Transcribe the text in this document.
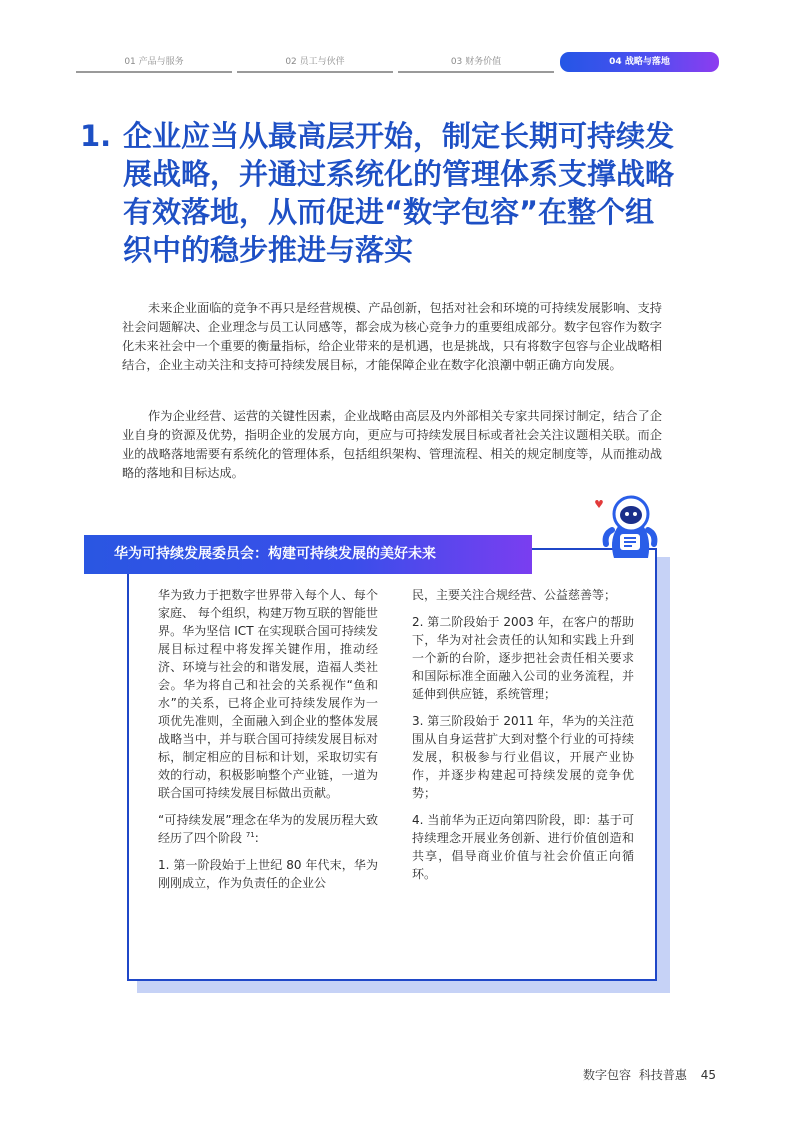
01 产品与服务	02 员工与伙伴	03 财务价值	04 战略与落地
1. 企业应当从最高层开始，制定长期可持续发展战略，并通过系统化的管理体系支撑战略有效落地，从而促进“数字包容”在整个组织中的稳步推进与落实

未来企业面临的竞争不再只是经营规模、产品创新，包括对社会和环境的可持续发展影响、支持社会问题解决、企业理念与员工认同感等，都会成为核心竞争力的重要组成部分。数字包容作为数字化未来社会中一个重要的衡量指标，给企业带来的是机遇，也是挑战，只有将数字包容与企业战略相结合，企业主动关注和支持可持续发展目标，才能保障企业在数字化浪潮中朝正确方向发展。

作为企业经营、运营的关键性因素，企业战略由高层及内外部相关专家共同探讨制定，结合了企业自身的资源及优势，指明企业的发展方向，更应与可持续发展目标或者社会关注议题相关联。而企业的战略落地需要有系统化的管理体系，包括组织架构、管理流程、相关的规定制度等，从而推动战略的落地和目标达成。

华为可持续发展委员会：构建可持续发展的美好未来

华为致力于把数字世界带入每个人、每个家庭、 每个组织，构建万物互联的智能世界。华为坚信 ICT 在实现联合国可持续发展目标过程中将发挥关键作用，推动经济、环境与社会的和谐发展，造福人类社会。华为将自己和社会的关系视作“鱼和水”的关系，已将企业可持续发展作为一项优先准则，全面融入到企业的整体发展战略当中，并与联合国可持续发展目标对标，制定相应的目标和计划，采取切实有效的行动，积极影响整个产业链，一道为联合国可持续发展目标做出贡献。

“可持续发展”理念在华为的发展历程大致经历了四个阶段 $^{71}$:

1. 第一阶段始于上世纪 80 年代末，华为刚刚成立，作为负责任的企业公

民，主要关注合规经营、公益慈善等；

2. 第二阶段始于 2003 年，在客户的帮助下，华为对社会责任的认知和实践上升到一个新的台阶，逐步把社会责任相关要求和国际标准全面融入公司的业务流程，并延伸到供应链，系统管理；

3. 第三阶段始于 2011 年，华为的关注范围从自身运营扩大到对整个行业的可持续发展，积极参与行业倡议，开展产业协作，并逐步构建起可持续发展的竞争优势；

4. 当前华为正迈向第四阶段，即：基于可持续理念开展业务创新、进行价值创造和共享，倡导商业价值与社会价值正向循环。

数字包容 科技普惠 45
